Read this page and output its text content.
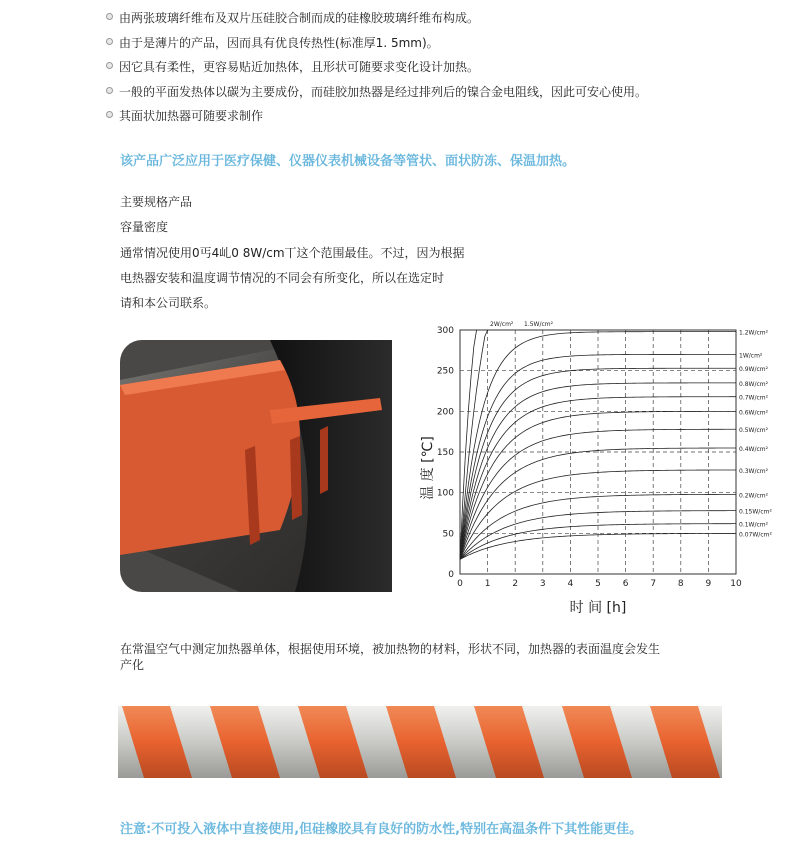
由两张玻璃纤维布及双片压硅胶合制而成的硅橡胶玻璃纤维布构成。
由于是薄片的产品，因而具有优良传热性(标准厚1. 5mm)。
因它具有柔性，更容易贴近加热体，且形状可随要求变化设计加热。
一般的平面发热体以碳为主要成份，而硅胶加热器是经过排列后的镍合金电阻线，因此可安心使用。
其面状加热器可随要求制作
该产品广泛应用于医疗保健、仪器仪表机械设备等管状、面状防冻、保温加热。
主要规格产品
容量密度
通常情况使用0丐4乢0 8W/cm丅这个范围最佳。不过，因为根据
电热器安装和温度调节情况的不同会有所变化，所以在选定时
请和本公司联系。
0
50
100
150
200
250
300
0 1 2 3 4 5 6 7 8 9 10
2W/cm² 1.5W/cm²
1.2W/cm²
1W/cm²
0.9W/cm²
0.8W/cm²
0.7W/cm²
0.6W/cm²
0.5W/cm²
0.4W/cm²
0.3W/cm²
0.2W/cm²
0.15W/cm²
0.1W/cm²
0.07W/cm²
温 度 [℃]
时 间 [h]
在常温空气中测定加热器单体，根据使用环境，被加热物的材料，形状不同，加热器的表面温度会发生
产化
注意:不可投入液体中直接使用,但硅橡胶具有良好的防水性,特别在高温条件下其性能更佳。
